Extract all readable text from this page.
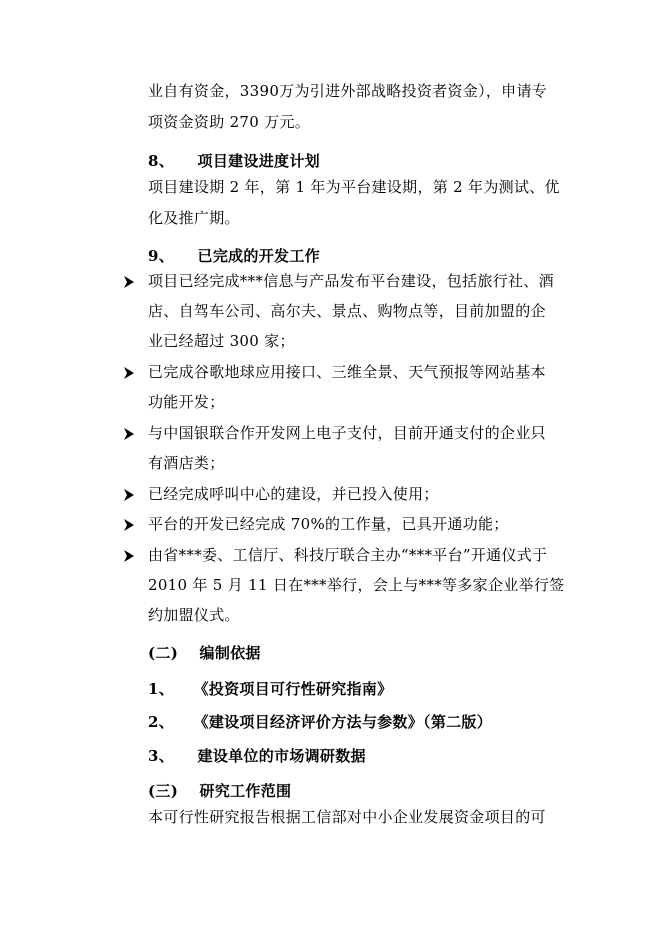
业自有资金，3390万为引进外部战略投资者资金），申请专
项资金资助 270 万元。
8、 项目建设进度计划
项目建设期 2 年，第 1 年为平台建设期，第 2 年为测试、优
化及推广期。
9、 已完成的开发工作
项目已经完成***信息与产品发布平台建设，包括旅行社、酒
店、自驾车公司、高尔夫、景点、购物点等，目前加盟的企
业已经超过 300 家；
已完成谷歌地球应用接口、三维全景、天气预报等网站基本
功能开发；
与中国银联合作开发网上电子支付，目前开通支付的企业只
有酒店类；
已经完成呼叫中心的建设，并已投入使用；
平台的开发已经完成 70%的工作量，已具开通功能；
由省***委、工信厅、科技厅联合主办“***平台”开通仪式于
2010 年 5 月 11 日在***举行，会上与***等多家企业举行签
约加盟仪式。
(二) 编制依据
1、 《投资项目可行性研究指南》
2、 《建设项目经济评价方法与参数》（第二版）
3、 建设单位的市场调研数据
(三) 研究工作范围
本可行性研究报告根据工信部对中小企业发展资金项目的可
